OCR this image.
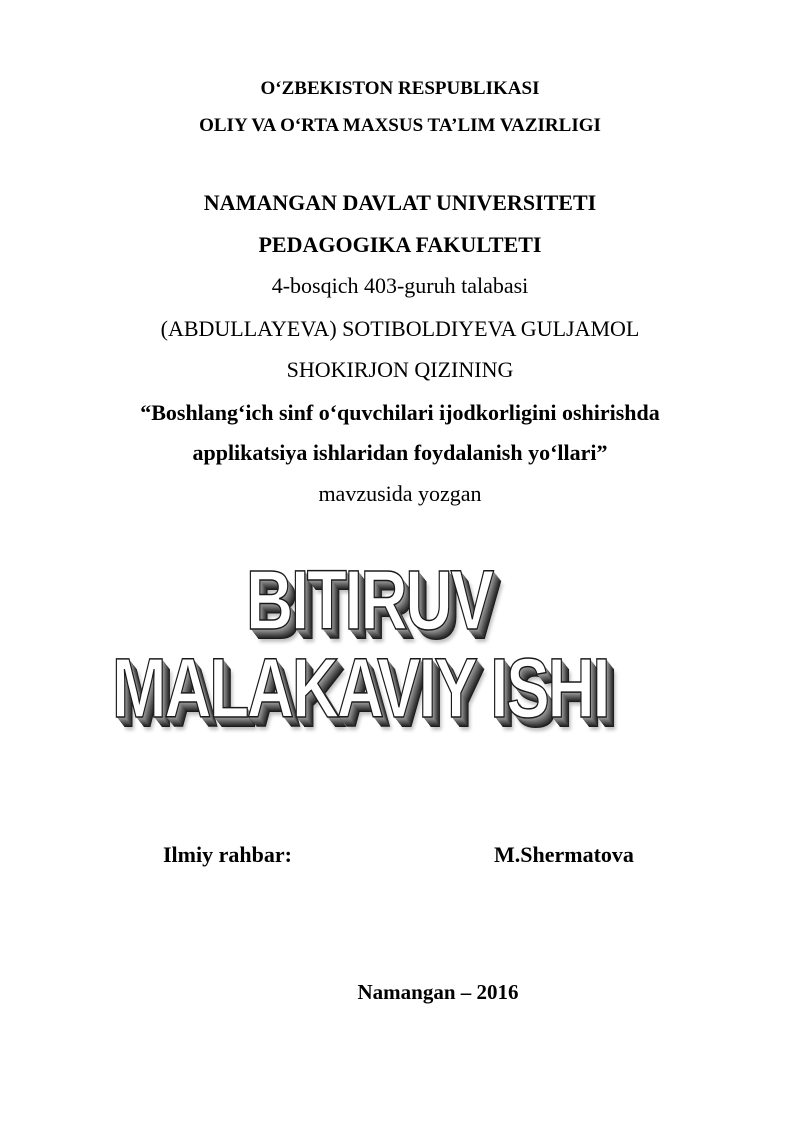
O‘ZBEKISTON RESPUBLIKASI
OLIY VA O‘RTA MAXSUS TA’LIM VAZIRLIGI
NAMANGAN DAVLAT UNIVERSITETI
PEDAGOGIKA FAKULTETI
4-bosqich 403-guruh talabasi
(ABDULLAYEVA) SOTIBOLDIYEVA GULJAMOL
SHOKIRJON QIZINING
“Boshlang‘ich sinf o‘quvchilari ijodkorligini oshirishda
applikatsiya ishlaridan foydalanish yo‘llari”
mavzusida yozgan
BITIRUV
MALAKAVIY ISHI
Ilmiy rahbar:	M.Shermatova
Namangan – 2016
